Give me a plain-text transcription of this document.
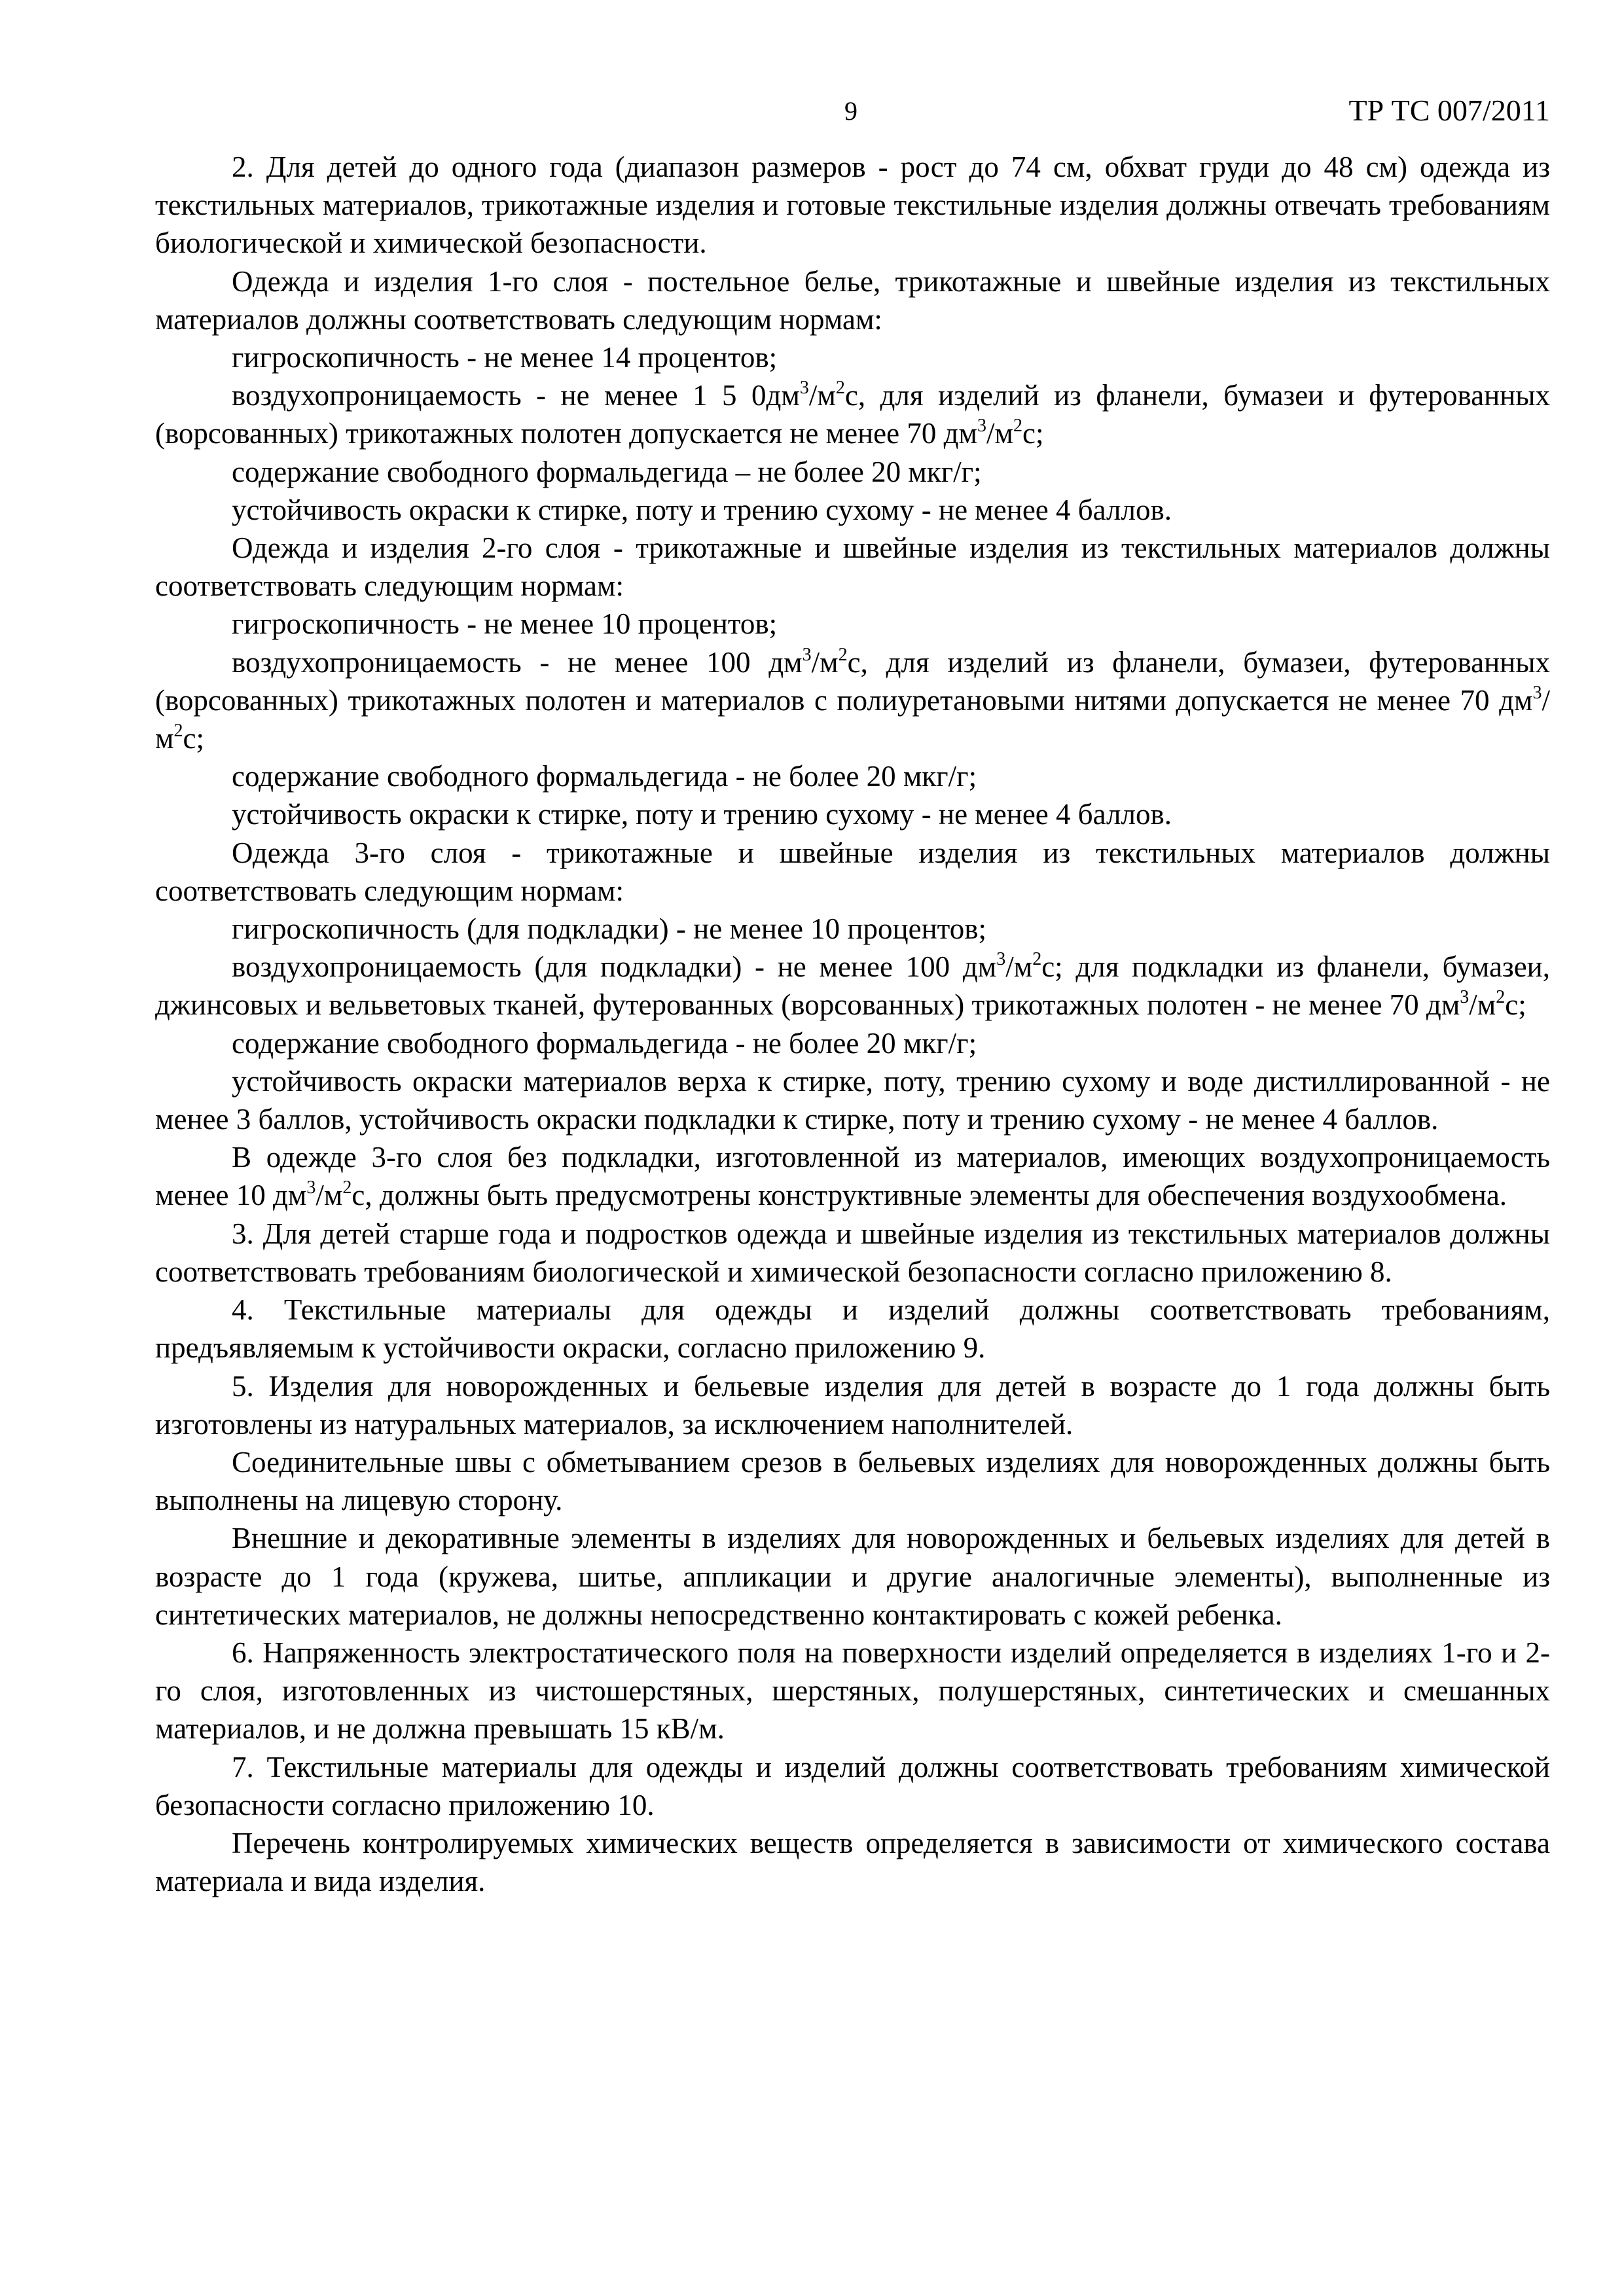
9	ТР ТС 007/2011

2. Для детей до одного года (диапазон размеров - рост до 74 см, обхват груди до 48 см) одежда из текстильных материалов, трикотажные изделия и готовые текстильные изделия должны отвечать требованиям биологической и химической безопасности.

Одежда и изделия 1-го слоя - постельное белье, трикотажные и швейные изделия из текстильных материалов должны соответствовать следующим нормам:

гигроскопичность - не менее 14 процентов;

воздухопроницаемость - не менее 1 5 $0дм^3/м^2с$, для изделий из фланели, бумазеи и футерованных (ворсованных) трикотажных полотен допускается не менее 70 $дм^3/м^2с$;

содержание свободного формальдегида – не более 20 мкг/г;

устойчивость окраски к стирке, поту и трению сухому - не менее 4 баллов.

Одежда и изделия 2-го слоя - трикотажные и швейные изделия из текстильных материалов должны соответствовать следующим нормам:

гигроскопичность - не менее 10 процентов;

воздухопроницаемость - не менее 100 $дм^3/м^2с$, для изделий из фланели, бумазеи, футерованных (ворсованных) трикотажных полотен и материалов с полиуретановыми нитями допускается не менее 70 $дм^3/м^2с$;

содержание свободного формальдегида - не более 20 мкг/г;

устойчивость окраски к стирке, поту и трению сухому - не менее 4 баллов.

Одежда 3-го слоя - трикотажные и швейные изделия из текстильных материалов должны соответствовать следующим нормам:

гигроскопичность (для подкладки) - не менее 10 процентов;

воздухопроницаемость (для подкладки) - не менее 100 $дм^3/м^2с$; для подкладки из фланели, бумазеи, джинсовых и вельветовых тканей, футерованных (ворсованных) трикотажных полотен - не менее 70 $дм^3/м^2с$;

содержание свободного формальдегида - не более 20 мкг/г;

устойчивость окраски материалов верха к стирке, поту, трению сухому и воде дистиллированной - не менее 3 баллов, устойчивость окраски подкладки к стирке, поту и трению сухому - не менее 4 баллов.

В одежде 3-го слоя без подкладки, изготовленной из материалов, имеющих воздухопроницаемость менее 10 $дм^3/м^2с$, должны быть предусмотрены конструктивные элементы для обеспечения воздухообмена.

3. Для детей старше года и подростков одежда и швейные изделия из текстильных материалов должны соответствовать требованиям биологической и химической безопасности согласно приложению 8.

4. Текстильные материалы для одежды и изделий должны соответствовать требованиям, предъявляемым к устойчивости окраски, согласно приложению 9.

5. Изделия для новорожденных и бельевые изделия для детей в возрасте до 1 года должны быть изготовлены из натуральных материалов, за исключением наполнителей.

Соединительные швы с обметыванием срезов в бельевых изделиях для новорожденных должны быть выполнены на лицевую сторону.

Внешние и декоративные элементы в изделиях для новорожденных и бельевых изделиях для детей в возрасте до 1 года (кружева, шитье, аппликации и другие аналогичные элементы), выполненные из синтетических материалов, не должны непосредственно контактировать с кожей ребенка.

6. Напряженность электростатического поля на поверхности изделий определяется в изделиях 1-го и 2-го слоя, изготовленных из чистошерстяных, шерстяных, полушерстяных, синтетических и смешанных материалов, и не должна превышать 15 кВ/м.

7. Текстильные материалы для одежды и изделий должны соответствовать требованиям химической безопасности согласно приложению 10.

Перечень контролируемых химических веществ определяется в зависимости от химического состава материала и вида изделия.
